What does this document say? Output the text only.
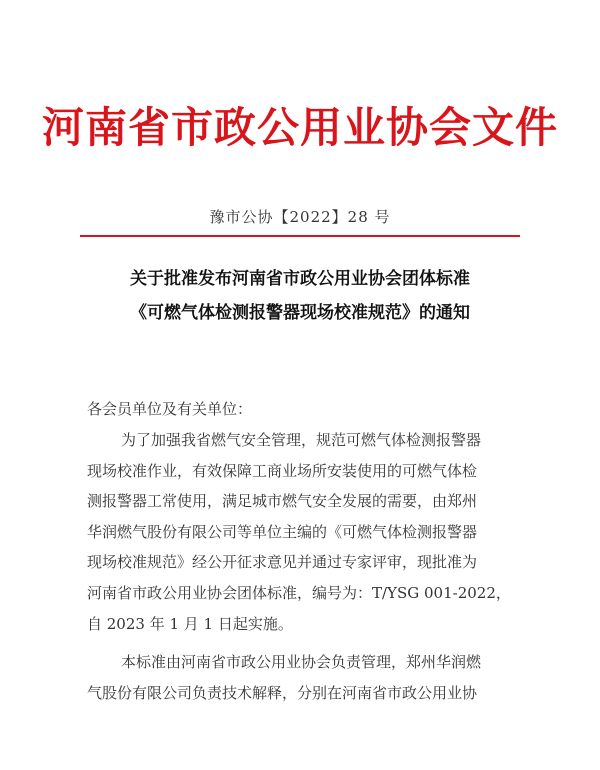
河南省市政公用业协会文件
豫市公协【2022】28 号
关于批准发布河南省市政公用业协会团体标准
《可燃气体检测报警器现场校准规范》的通知
各会员单位及有关单位：
为了加强我省燃气安全管理，规范可燃气体检测报警器
现场校准作业，有效保障工商业场所安装使用的可燃气体检
测报警器工常使用，满足城市燃气安全发展的需要，由郑州
华润燃气股份有限公司等单位主编的《可燃气体检测报警器
现场校准规范》经公开征求意见并通过专家评审，现批准为
河南省市政公用业协会团体标准，编号为：T/YSG 001-2022，
自 2023 年 1 月 1 日起实施。
本标准由河南省市政公用业协会负责管理，郑州华润燃
气股份有限公司负责技术解释，分别在河南省市政公用业协
